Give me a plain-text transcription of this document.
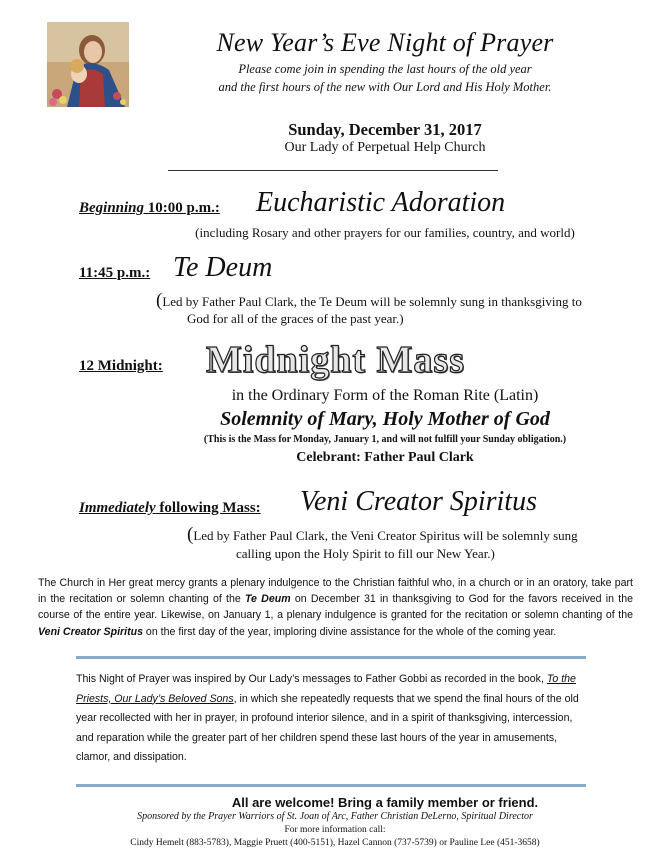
New Year’s Eve Night of Prayer
Please come join in spending the last hours of the old year
and the first hours of the new with Our Lord and His Holy Mother.
Sunday, December 31, 2017
Our Lady of Perpetual Help Church
Beginning 10:00 p.m.: Eucharistic Adoration
(including Rosary and other prayers for our families, country, and world)
11:45 p.m.: Te Deum
(Led by Father Paul Clark, the Te Deum will be solemnly sung in thanksgiving to
God for all of the graces of the past year.)
12 Midnight: Midnight Mass
in the Ordinary Form of the Roman Rite (Latin)
Solemnity of Mary, Holy Mother of God
(This is the Mass for Monday, January 1, and will not fulfill your Sunday obligation.)
Celebrant: Father Paul Clark
Immediately following Mass: Veni Creator Spiritus
(Led by Father Paul Clark, the Veni Creator Spiritus will be solemnly sung
calling upon the Holy Spirit to fill our New Year.)
The Church in Her great mercy grants a plenary indulgence to the Christian faithful who, in a church or in an oratory, take part in the recitation or solemn chanting of the Te Deum on December 31 in thanksgiving to God for the favors received in the course of the entire year. Likewise, on January 1, a plenary indulgence is granted for the recitation or solemn chanting of the Veni Creator Spiritus on the first day of the year, imploring divine assistance for the whole of the coming year.
This Night of Prayer was inspired by Our Lady’s messages to Father Gobbi as recorded in the book, To the Priests, Our Lady’s Beloved Sons, in which she repeatedly requests that we spend the final hours of the old year recollected with her in prayer, in profound interior silence, and in a spirit of thanksgiving, intercession, and reparation while the greater part of her children spend these last hours of the year in amusements, clamor, and dissipation.
All are welcome! Bring a family member or friend.
Sponsored by the Prayer Warriors of St. Joan of Arc, Father Christian DeLerno, Spiritual Director
For more information call:
Cindy Hemelt (883-5783), Maggie Pruett (400-5151), Hazel Cannon (737-5739) or Pauline Lee (451-3658)
